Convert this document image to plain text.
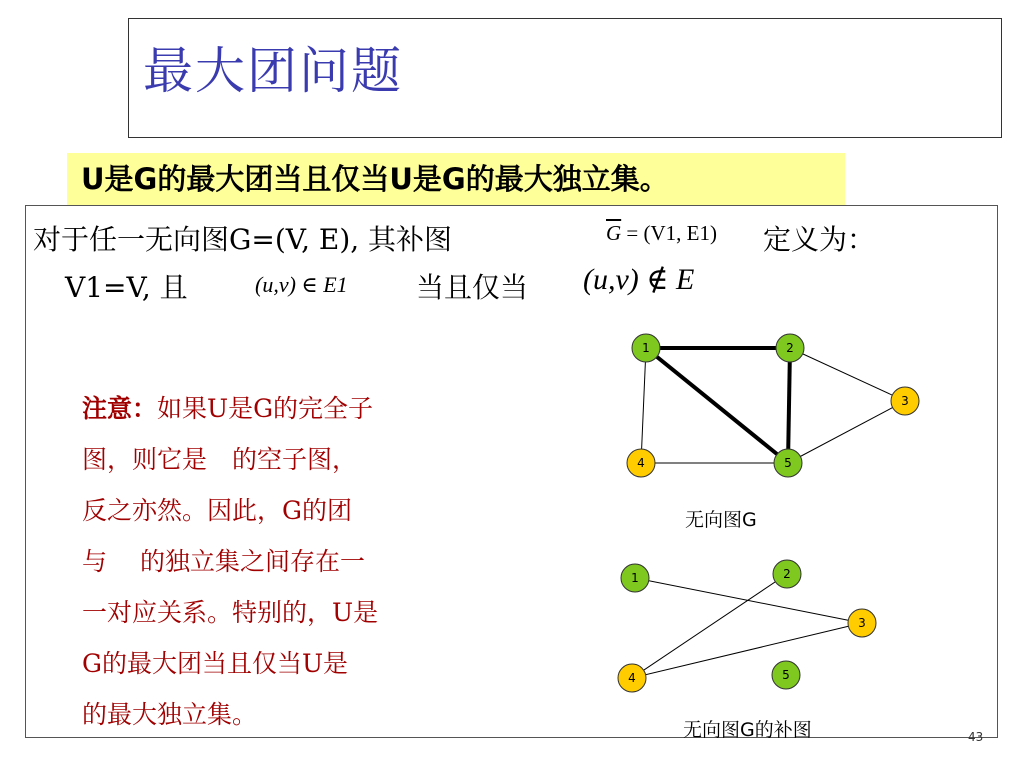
最大团问题
U是G的最大团当且仅当U是G的最大独立集。
对于任一无向图G=(V, E), 其补图	$\overline{G} = (V1$, E1) 定义为：
V1=V, 且	(u,v) ∈ E1 当且仅当 (u,v) ∉ E
注意：如果U是G的完全子
图，则它是　的空子图，
反之亦然。因此，G的团
与　 的独立集之间存在一
一对应关系。特别的，U是
G的最大团当且仅当U是
的最大独立集。
1	2
3
4	5
1	2
3
4	5
无向图G
无向图G的补图	43
